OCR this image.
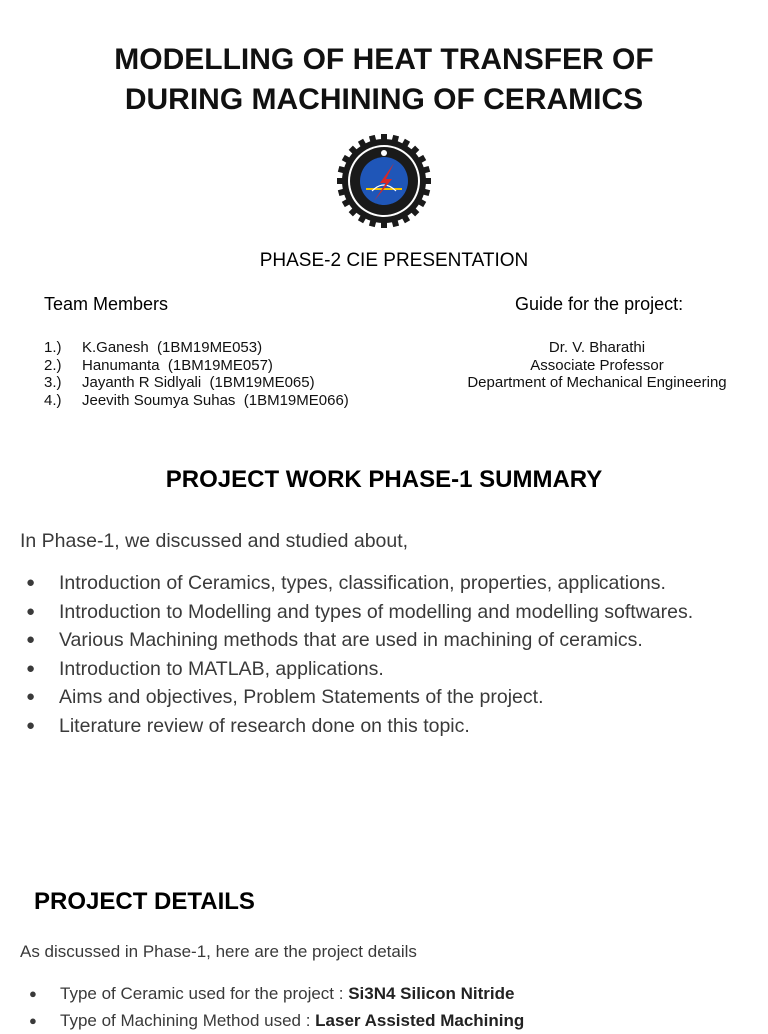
MODELLING OF HEAT TRANSFER OF
DURING MACHINING OF CERAMICS
PHASE-2 CIE PRESENTATION
Team Members	Guide for the project:
1.)	K.Ganesh  (1BM19ME053)
2.)	Hanumanta  (1BM19ME057)
3.)	Jayanth R Sidlyali  (1BM19ME065)
4.)	Jeevith Soumya Suhas  (1BM19ME066)
Dr. V. Bharathi
Associate Professor
Department of Mechanical Engineering
PROJECT WORK PHASE-1 SUMMARY
In Phase-1, we discussed and studied about,
● Introduction of Ceramics, types, classification, properties, applications.
● Introduction to Modelling and types of modelling and modelling softwares.
● Various Machining methods that are used in machining of ceramics.
● Introduction to MATLAB, applications.
● Aims and objectives, Problem Statements of the project.
● Literature review of research done on this topic.
PROJECT DETAILS
As discussed in Phase-1, here are the project details
● Type of Ceramic used for the project : Si3N4 Silicon Nitride
● Type of Machining Method used : Laser Assisted Machining
